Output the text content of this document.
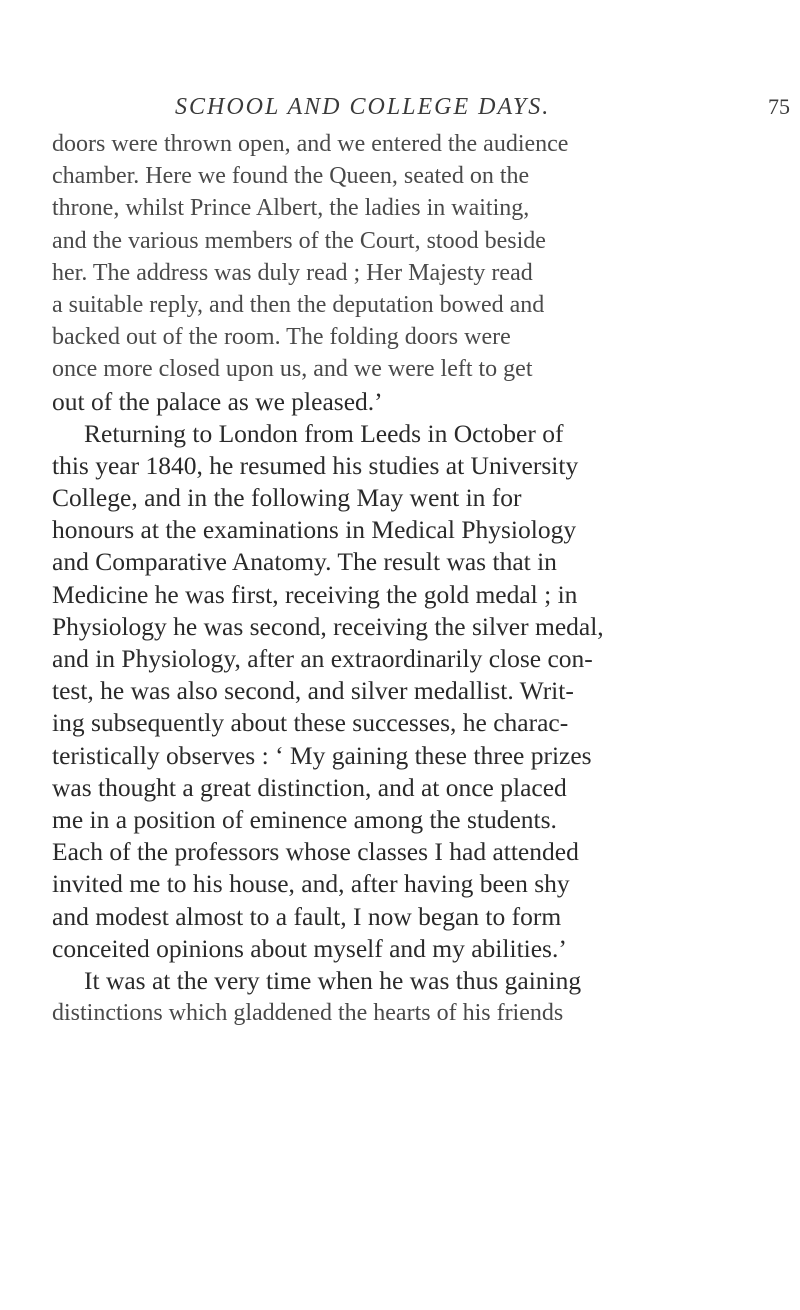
SCHOOL AND COLLEGE DAYS.	75
doors were thrown open, and we entered the audience
chamber. Here we found the Queen, seated on the
throne, whilst Prince Albert, the ladies in waiting,
and the various members of the Court, stood beside
her. The address was duly read ; Her Majesty read
a suitable reply, and then the deputation bowed and
backed out of the room. The folding doors were
once more closed upon us, and we were left to get
out of the palace as we pleased.’
Returning to London from Leeds in October of
this year 1840, he resumed his studies at University
College, and in the following May went in for
honours at the examinations in Medical Physiology
and Comparative Anatomy. The result was that in
Medicine he was first, receiving the gold medal ; in
Physiology he was second, receiving the silver medal,
and in Physiology, after an extraordinarily close con-
test, he was also second, and silver medallist. Writ-
ing subsequently about these successes, he charac-
teristically observes : ‘ My gaining these three prizes
was thought a great distinction, and at once placed
me in a position of eminence among the students.
Each of the professors whose classes I had attended
invited me to his house, and, after having been shy
and modest almost to a fault, I now began to form
conceited opinions about myself and my abilities.’
It was at the very time when he was thus gaining
distinctions which gladdened the hearts of his friends
